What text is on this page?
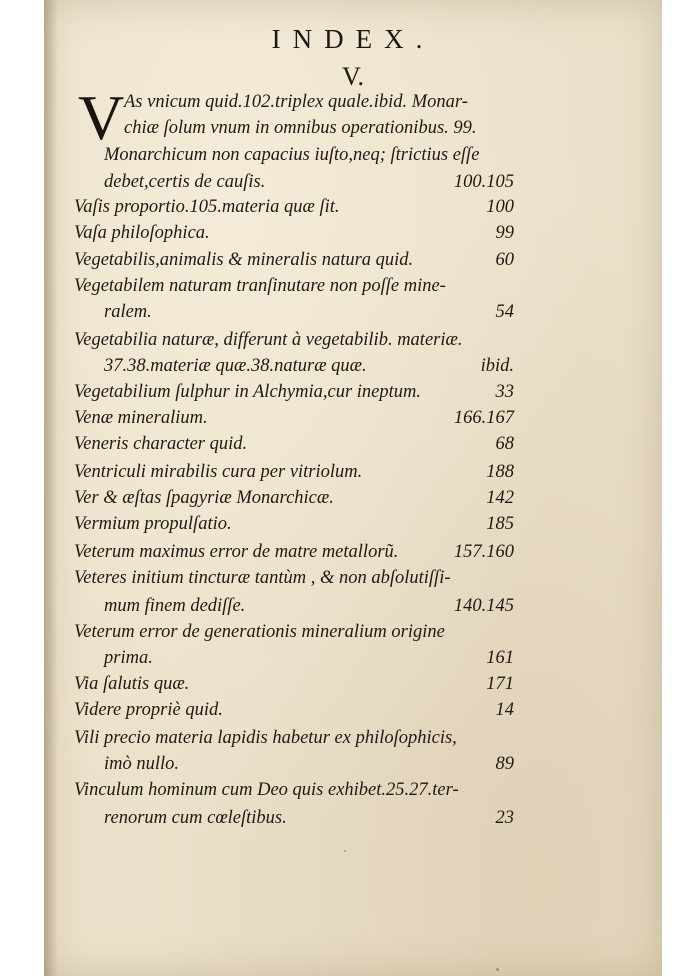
INDEX.
V.
V As vnicum quid.102.triplex quale.ibid. Monar-
chiæ ſolum vnum in omnibus operationibus. 99.
Monarchicum non capacius iuſto,neq; ſtrictius eſſe
debet,certis de cauſis.	100.105
Vaſis proportio.105.materia quæ ſit.	100
Vaſa philoſophica.	99
Vegetabilis,animalis & mineralis natura quid.	60
Vegetabilem naturam tranſinutare non poſſe mine-
ralem.	54
Vegetabilia naturæ, differunt à vegetabilib. materiæ.
37.38.materiæ quæ.38.naturæ quæ.	ibid.
Vegetabilium ſulphur in Alchymia,cur ineptum.	33
Venæ mineralium.	166.167
Veneris character quid.	68
Ventriculi mirabilis cura per vitriolum.	188
Ver & æſtas ſpagyriæ Monarchicæ.	142
Vermium propulſatio.	185
Veterum maximus error de matre metallorũ.	157.160
Veteres initium tincturæ tantùm , & non abſolutiſſi-
mum finem dediſſe.	140.145
Veterum error de generationis mineralium origine
prima.	161
Via ſalutis quæ.	171
Videre propriè quid.	14
Vili precio materia lapidis habetur ex philoſophicis,
imò nullo.	89
Vinculum hominum cum Deo quis exhibet.25.27.ter-
renorum cum cœleſtibus.	23
